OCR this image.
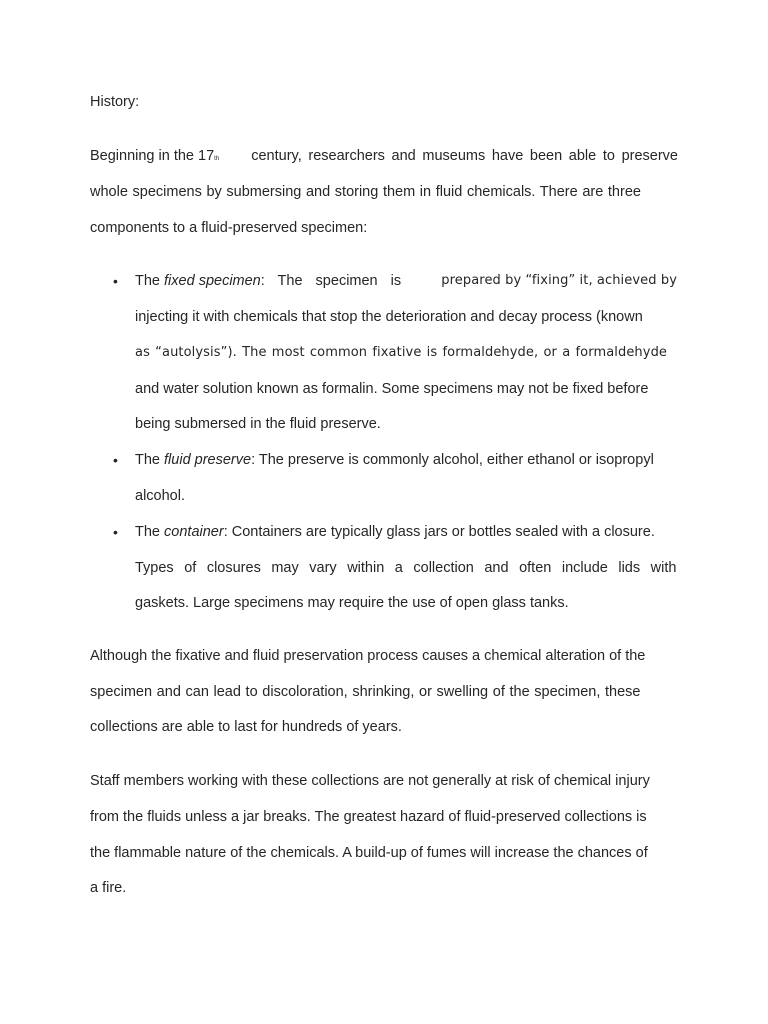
History:
Beginning in the 17th century, researchers and museums have been able to preserve
whole specimens by submersing and storing them in fluid chemicals. There are three
components to a fluid-preserved specimen:
• The fixed specimen: The specimen is	prepared by “fixing” it, achieved by
injecting it with chemicals that stop the deterioration and decay process (known
as “autolysis”). The most common fixative is formaldehyde, or a formaldehyde
and water solution known as formalin. Some specimens may not be fixed before
being submersed in the fluid preserve.
• The fluid preserve: The preserve is commonly alcohol, either ethanol or isopropyl
alcohol.
• The container: Containers are typically glass jars or bottles sealed with a closure.
Types of closures may vary within a collection and often include lids with
gaskets. Large specimens may require the use of open glass tanks.
Although the fixative and fluid preservation process causes a chemical alteration of the
specimen and can lead to discoloration, shrinking, or swelling of the specimen, these
collections are able to last for hundreds of years.
Staff members working with these collections are not generally at risk of chemical injury
from the fluids unless a jar breaks. The greatest hazard of fluid-preserved collections is
the flammable nature of the chemicals. A build-up of fumes will increase the chances of
a fire.
